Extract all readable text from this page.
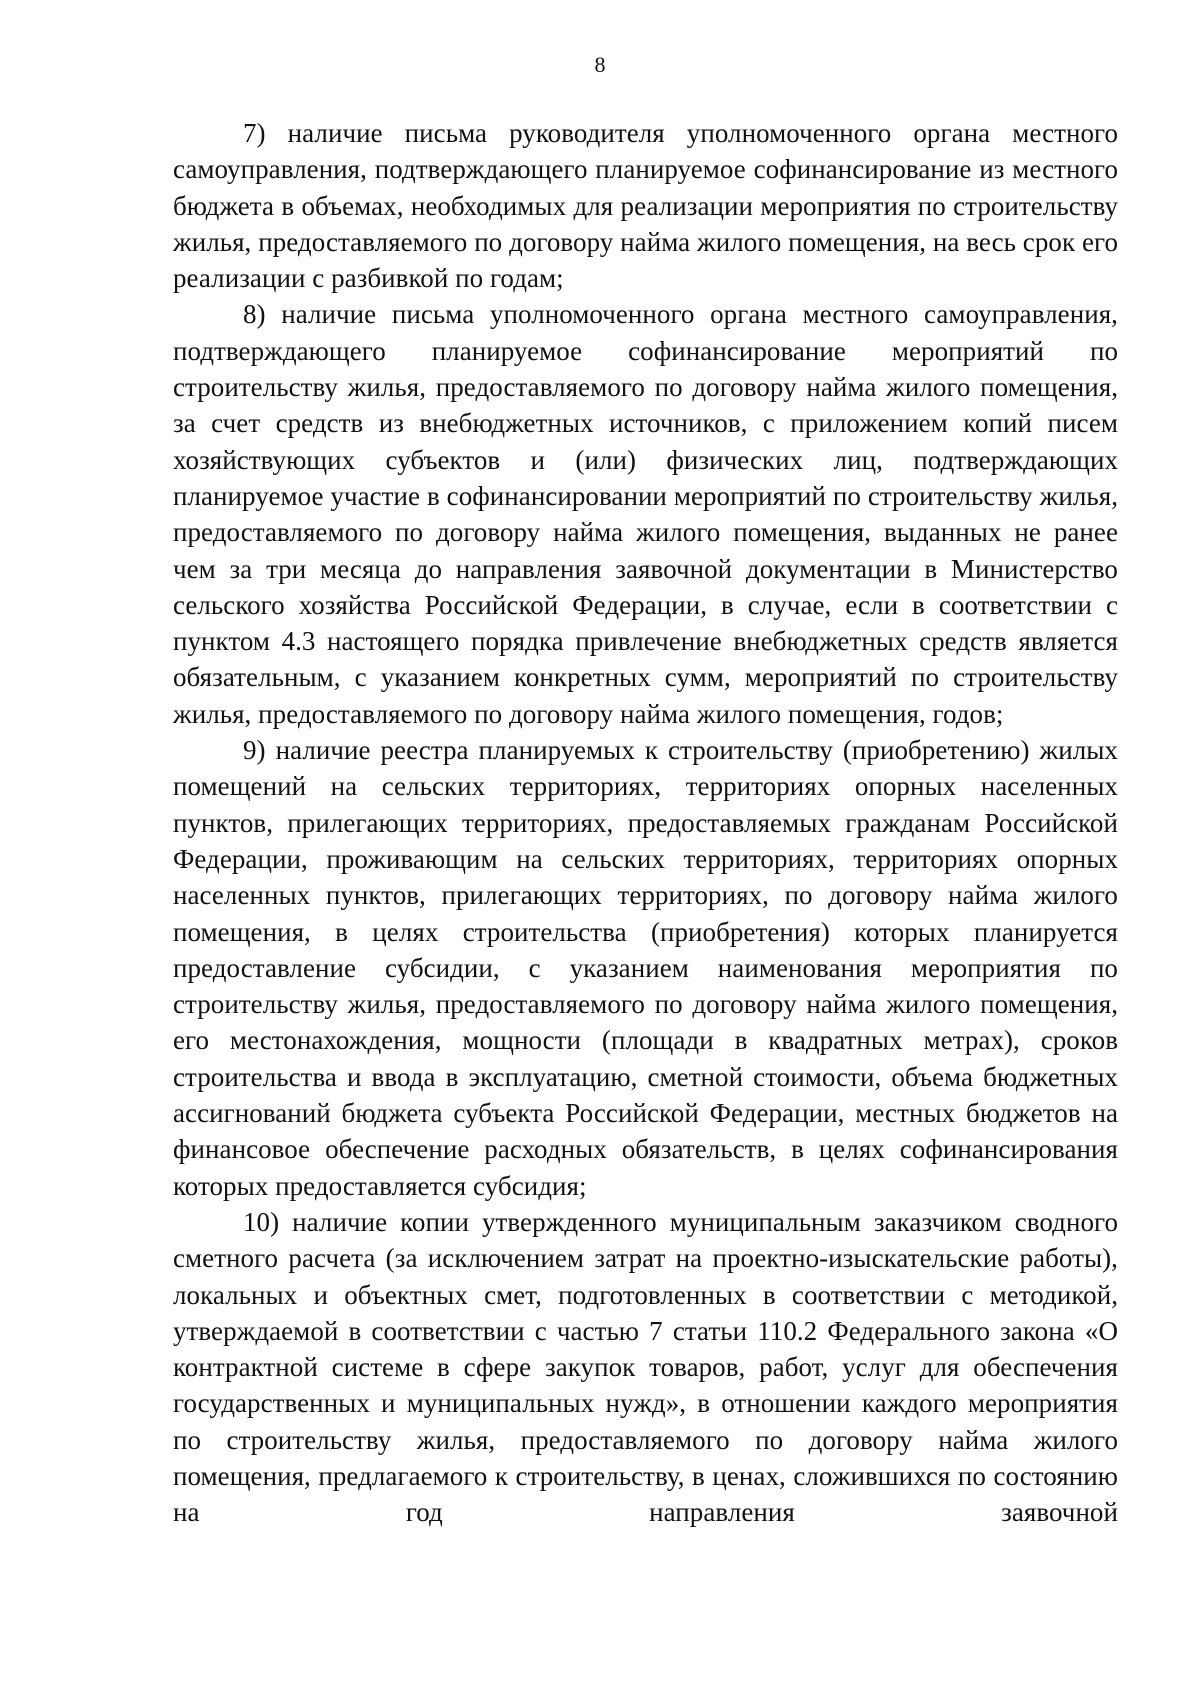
8

7) наличие письма руководителя уполномоченного органа местного самоуправления, подтверждающего планируемое софинансирование из местного бюджета в объемах, необходимых для реализации мероприятия по строительству жилья, предоставляемого по договору найма жилого помещения, на весь срок его реализации с разбивкой по годам;

8) наличие письма уполномоченного органа местного самоуправления, подтверждающего планируемое софинансирование мероприятий по строительству жилья, предоставляемого по договору найма жилого помещения, за счет средств из внебюджетных источников, с приложением копий писем хозяйствующих субъектов и (или) физических лиц, подтверждающих планируемое участие в софинансировании мероприятий по строительству жилья, предоставляемого по договору найма жилого помещения, выданных не ранее чем за три месяца до направления заявочной документации в Министерство сельского хозяйства Российской Федерации, в случае, если в соответствии с пунктом 4.3 настоящего порядка привлечение внебюджетных средств является обязательным, с указанием конкретных сумм, мероприятий по строительству жилья, предоставляемого по договору найма жилого помещения, годов;

9) наличие реестра планируемых к строительству (приобретению) жилых помещений на сельских территориях, территориях опорных населенных пунктов, прилегающих территориях, предоставляемых гражданам Российской Федерации, проживающим на сельских территориях, территориях опорных населенных пунктов, прилегающих территориях, по договору найма жилого помещения, в целях строительства (приобретения) которых планируется предоставление субсидии, с указанием наименования мероприятия по строительству жилья, предоставляемого по договору найма жилого помещения, его местонахождения, мощности (площади в квадратных метрах), сроков строительства и ввода в эксплуатацию, сметной стоимости, объема бюджетных ассигнований бюджета субъекта Российской Федерации, местных бюджетов на финансовое обеспечение расходных обязательств, в целях софинансирования которых предоставляется субсидия;

10) наличие копии утвержденного муниципальным заказчиком сводного сметного расчета (за исключением затрат на проектно-изыскательские работы), локальных и объектных смет, подготовленных в соответствии с методикой, утверждаемой в соответствии с частью 7 статьи 110.2 Федерального закона «О контрактной системе в сфере закупок товаров, работ, услуг для обеспечения государственных и муниципальных нужд», в отношении каждого мероприятия по строительству жилья, предоставляемого по договору найма жилого помещения, предлагаемого к строительству, в ценах, сложившихся по состоянию на год направления заявочной
